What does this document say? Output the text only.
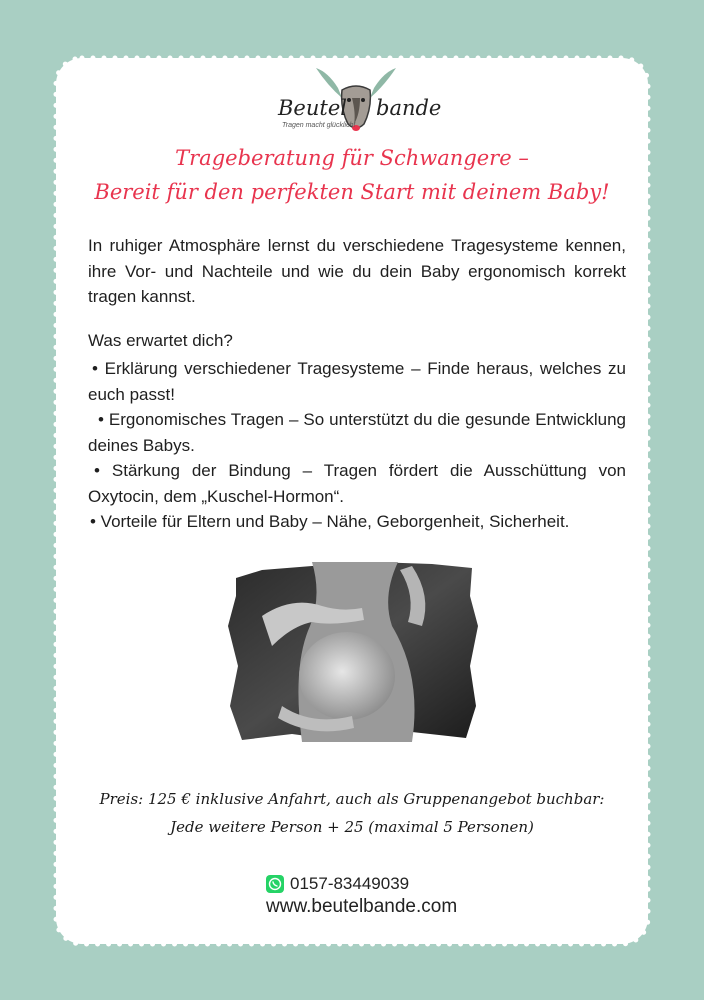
Beutel bande
Tragen macht glücklich!
Trageberatung für Schwangere –
Bereit für den perfekten Start mit deinem Baby!
In ruhiger Atmosphäre lernst du verschiedene Tragesysteme kennen, ihre Vor- und Nachteile und wie du dein Baby ergonomisch korrekt tragen kannst.
Was erwartet dich?
• Erklärung verschiedener Tragesysteme – Finde heraus, welches zu euch passt!
• Ergonomisches Tragen – So unterstützt du die gesunde Entwicklung deines Babys.
• Stärkung der Bindung – Tragen fördert die Ausschüttung von Oxytocin, dem „Kuschel-Hormon“.
• Vorteile für Eltern und Baby – Nähe, Geborgenheit, Sicherheit.
Preis: 125 € inklusive Anfahrt, auch als Gruppenangebot buchbar:
Jede weitere Person + 25 (maximal 5 Personen)
0157-83449039
www.beutelbande.com
